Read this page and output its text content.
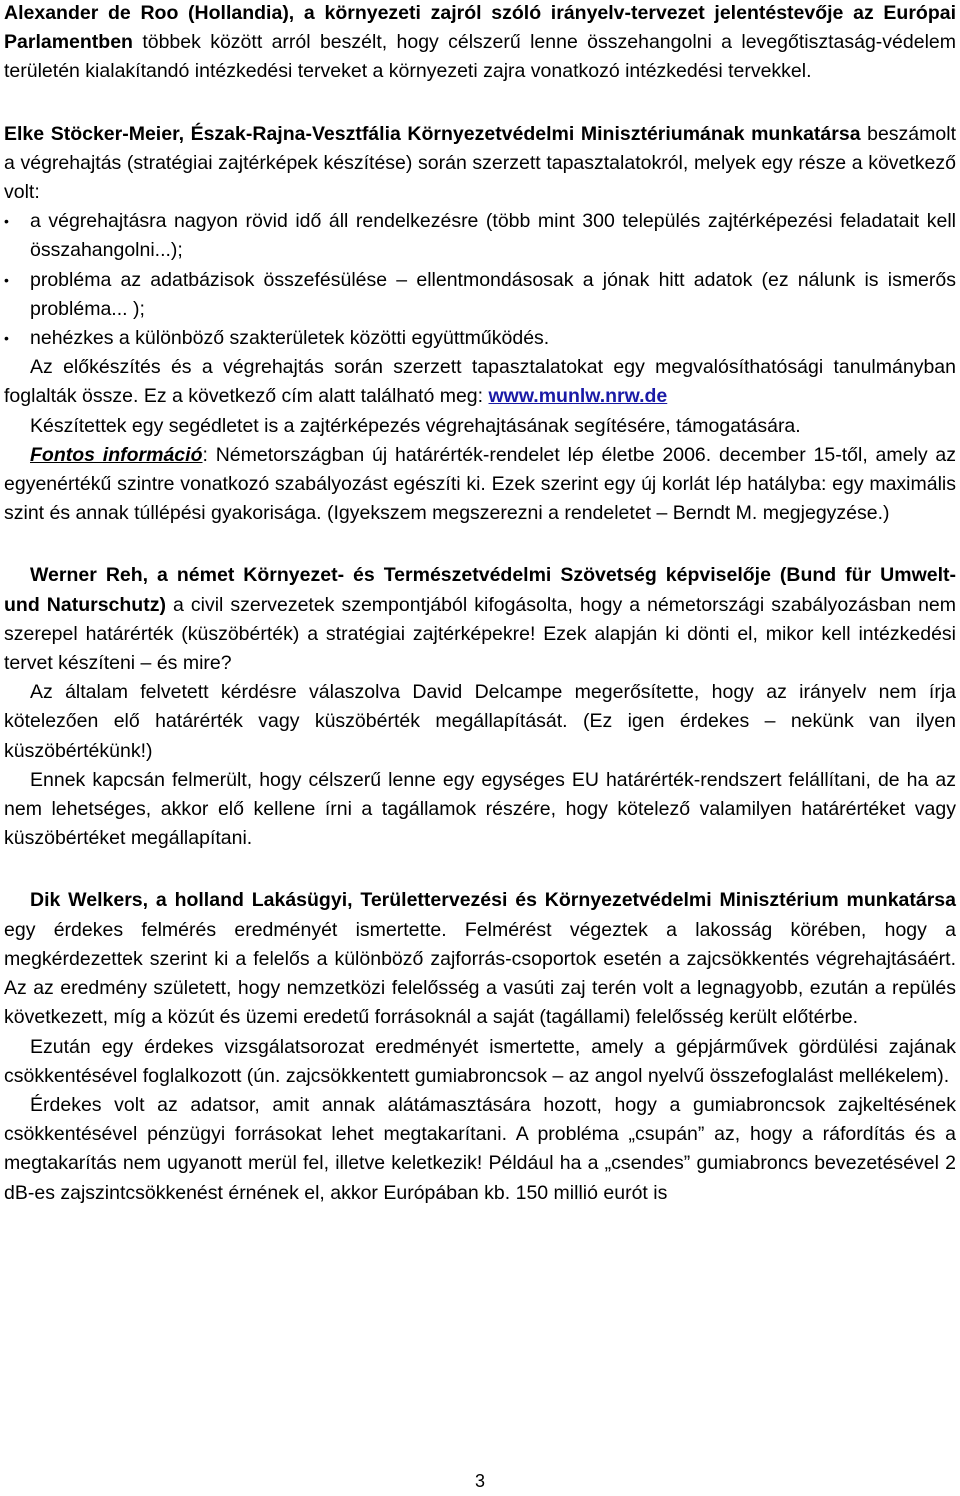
Alexander de Roo (Hollandia), a környezeti zajról szóló irányelv-tervezet jelentéstevője az Európai Parlamentben többek között arról beszélt, hogy célszerű lenne összehangolni a levegőtisztaság-védelem területén kialakítandó intézkedési terveket a környezeti zajra vonatkozó intézkedési tervekkel.

Elke Stöcker-Meier, Észak-Rajna-Vesztfália Környezetvédelmi Minisztériumának munkatársa beszámolt a végrehajtás (stratégiai zajtérképek készítése) során szerzett tapasztalatokról, melyek egy része a következő volt:

• a végrehajtásra nagyon rövid idő áll rendelkezésre (több mint 300 település zajtérképezési feladatait kell összahangolni...);
• probléma az adatbázisok összefésülése – ellentmondásosak a jónak hitt adatok (ez nálunk is ismerős probléma... );
• nehézkes a különböző szakterületek közötti együttműködés.

Az előkészítés és a végrehajtás során szerzett tapasztalatokat egy megvalósíthatósági tanulmányban foglalták össze. Ez a következő cím alatt található meg: www.munlw.nrw.de

Készítettek egy segédletet is a zajtérképezés végrehajtásának segítésére, támogatására.

Fontos információ: Németországban új határérték-rendelet lép életbe 2006. december 15-től, amely az egyenértékű szintre vonatkozó szabályozást egészíti ki. Ezek szerint egy új korlát lép hatályba: egy maximális szint és annak túllépési gyakorisága. (Igyekszem megszerezni a rendeletet – Berndt M. megjegyzése.)

Werner Reh, a német Környezet- és Természetvédelmi Szövetség képviselője (Bund für Umwelt- und Naturschutz) a civil szervezetek szempontjából kifogásolta, hogy a németországi szabályozásban nem szerepel határérték (küszöbérték) a stratégiai zajtérképekre! Ezek alapján ki dönti el, mikor kell intézkedési tervet készíteni – és mire?

Az általam felvetett kérdésre válaszolva David Delcampe megerősítette, hogy az irányelv nem írja kötelezően elő határérték vagy küszöbérték megállapítását. (Ez igen érdekes – nekünk van ilyen küszöbértékünk!)

Ennek kapcsán felmerült, hogy célszerű lenne egy egységes EU határérték-rendszert felállítani, de ha az nem lehetséges, akkor elő kellene írni a tagállamok részére, hogy kötelező valamilyen határértéket vagy küszöbértéket megállapítani.

Dik Welkers, a holland Lakásügyi, Területtervezési és Környezetvédelmi Minisztérium munkatársa egy érdekes felmérés eredményét ismertette. Felmérést végeztek a lakosság körében, hogy a megkérdezettek szerint ki a felelős a különböző zajforrás-csoportok esetén a zajcsökkentés végrehajtásáért. Az az eredmény született, hogy nemzetközi felelősség a vasúti zaj terén volt a legnagyobb, ezután a repülés következett, míg a közút és üzemi eredetű forrásoknál a saját (tagállami) felelősség került előtérbe.

Ezután egy érdekes vizsgálatsorozat eredményét ismertette, amely a gépjárművek gördülési zajának csökkentésével foglalkozott (ún. zajcsökkentett gumiabroncsok – az angol nyelvű összefoglalást mellékelem).

Érdekes volt az adatsor, amit annak alátámasztására hozott, hogy a gumiabroncsok zajkeltésének csökkentésével pénzügyi forrásokat lehet megtakarítani. A probléma „csupán” az, hogy a ráfordítás és a megtakarítás nem ugyanott merül fel, illetve keletkezik! Például ha a „csendes” gumiabroncs bevezetésével 2 dB-es zajszintcsökkenést érnének el, akkor Európában kb. 150 millió eurót is

3
